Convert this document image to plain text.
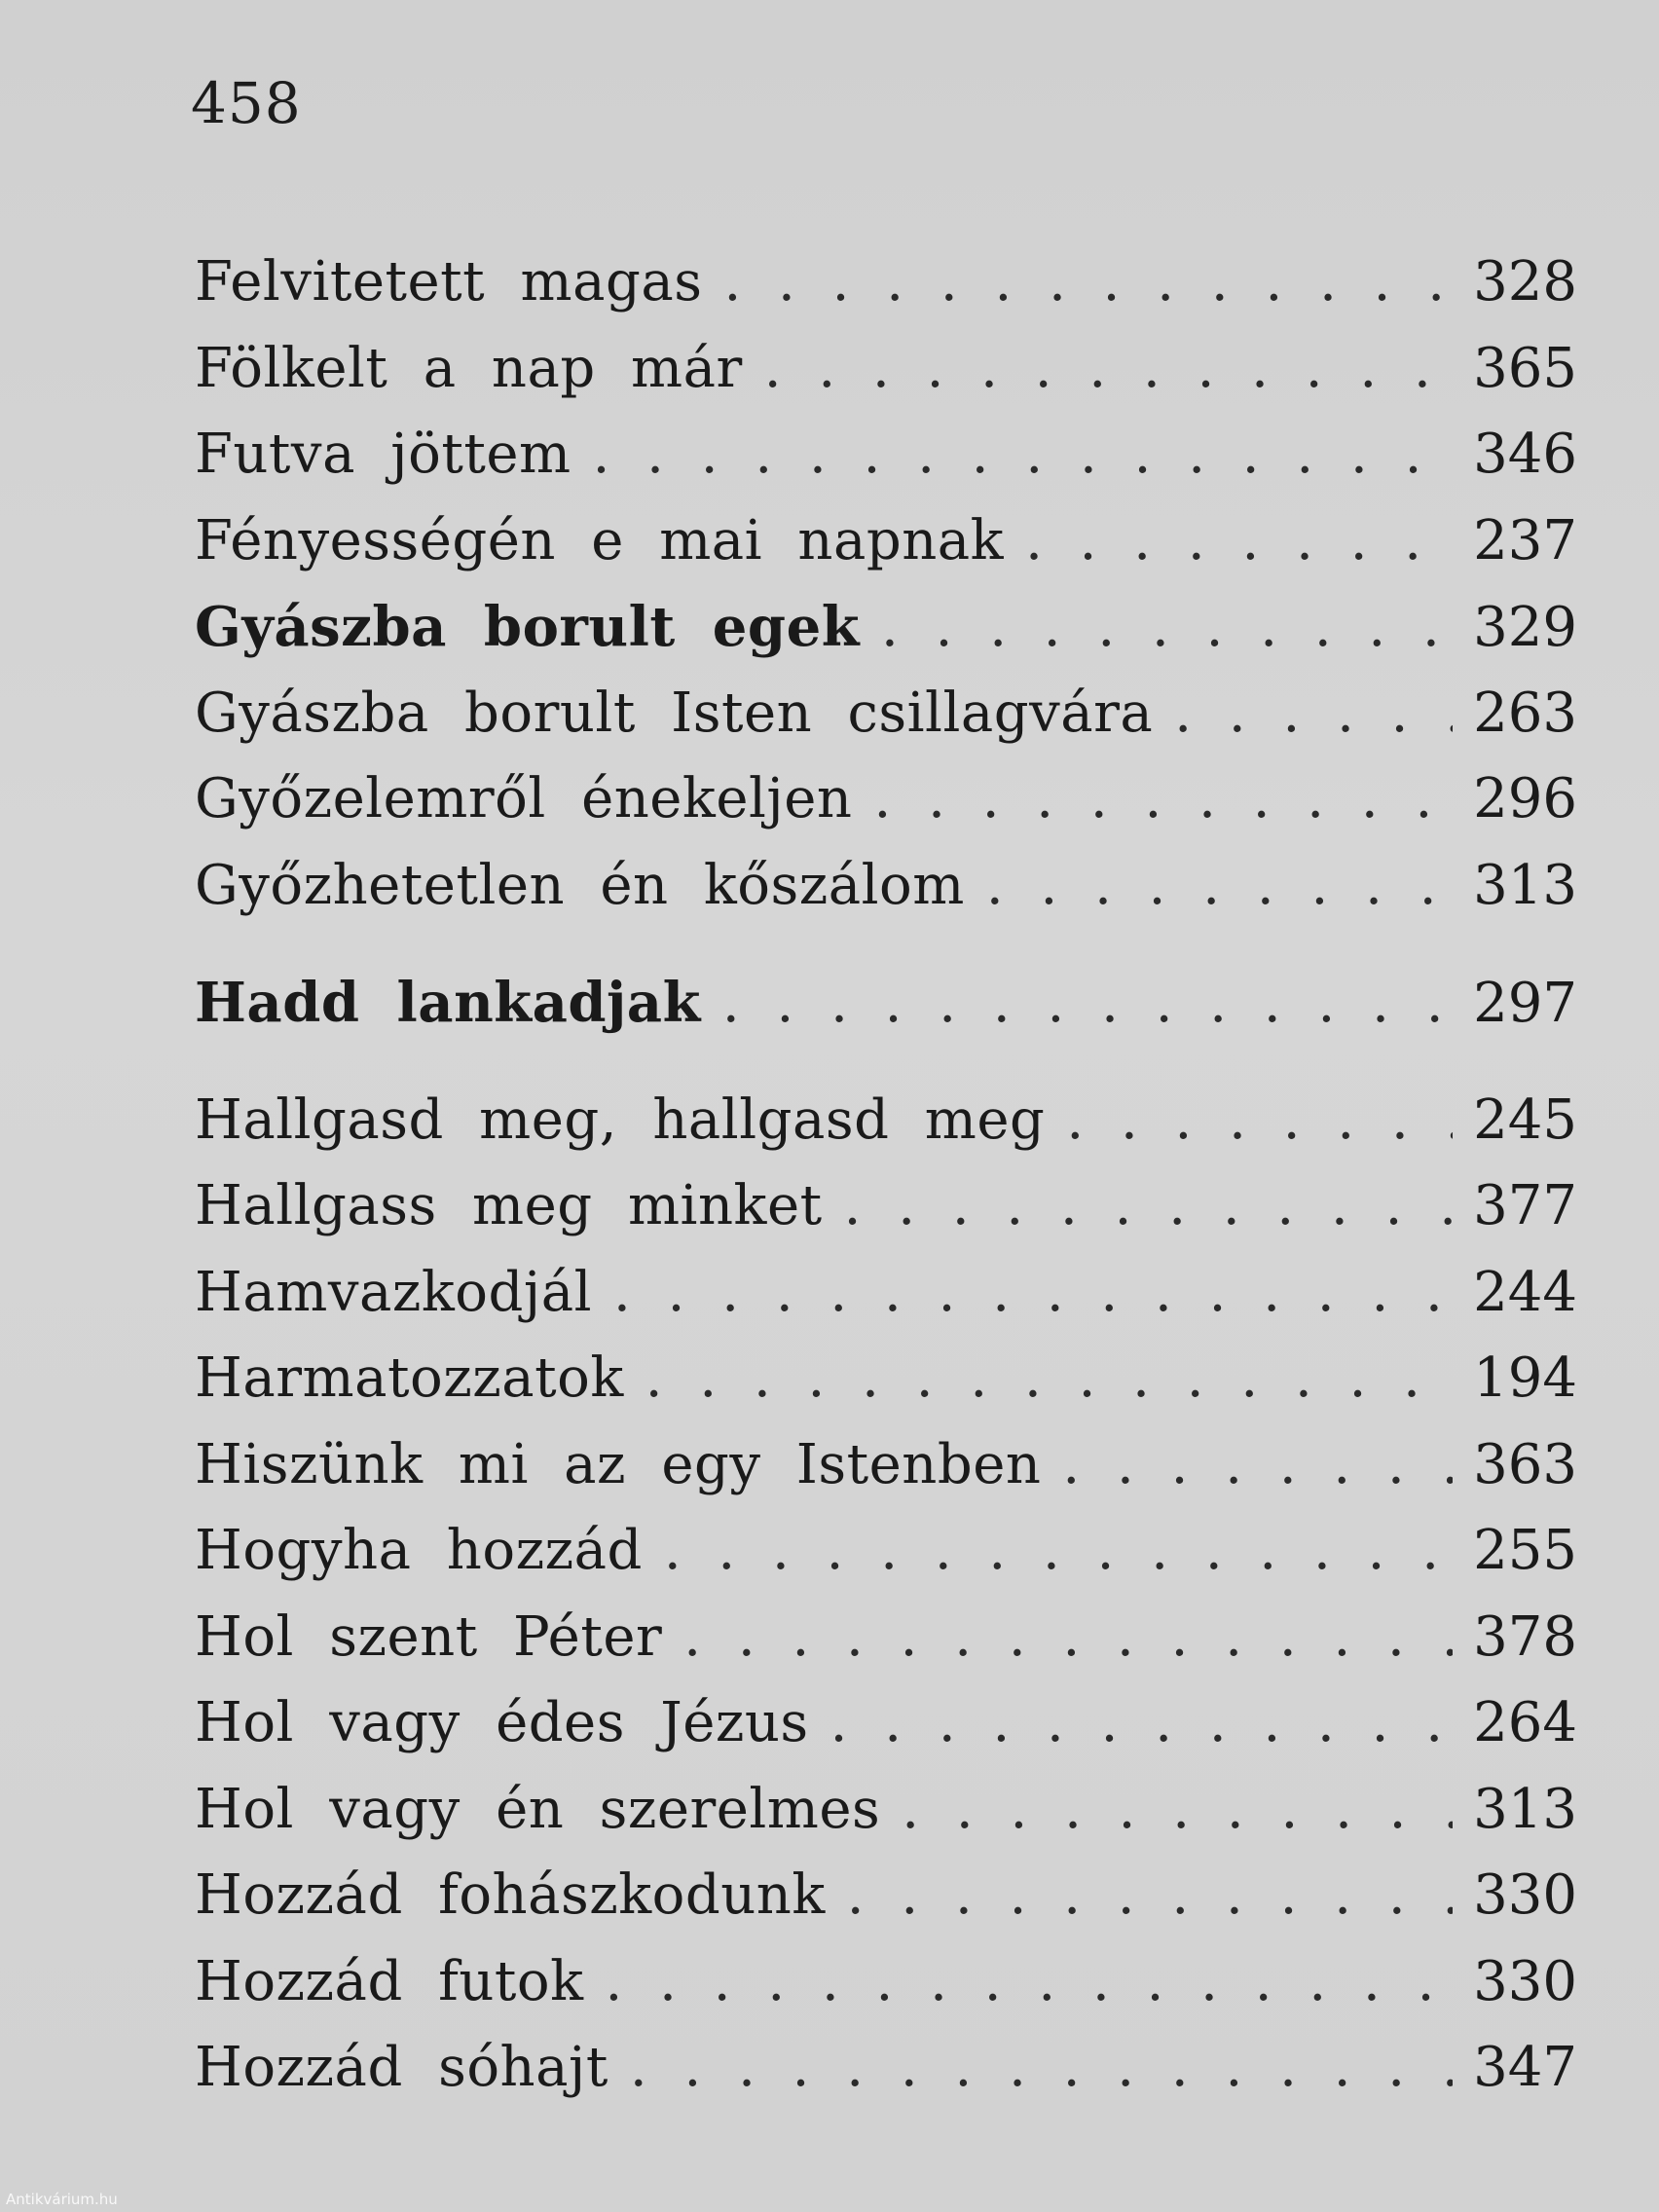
458
Felvitetett magas . . .	328
Fölkelt a nap már . . .	365
Futva jöttem . . .	346
Fényességén e mai napnak . . .	237
Gyászba borult egek . . .	329
Gyászba borult Isten csillagvára . . .	263
Győzelemről énekeljen . . .	296
Győzhetetlen én kőszálom . . .	313
Hadd lankadjak . . .	297
Hallgasd meg, hallgasd meg . . .	245
Hallgass meg minket . . .	377
Hamvazkodjál . . .	244
Harmatozzatok . . .	194
Hiszünk mi az egy Istenben . . .	363
Hogyha hozzád . . .	255
Hol szent Péter . . .	378
Hol vagy édes Jézus . . .	264
Hol vagy én szerelmes . . .	313
Hozzád fohászkodunk . . .	330
Hozzád futok . . .	330
Hozzád sóhajt . . .	347
Antikvárium.hu
